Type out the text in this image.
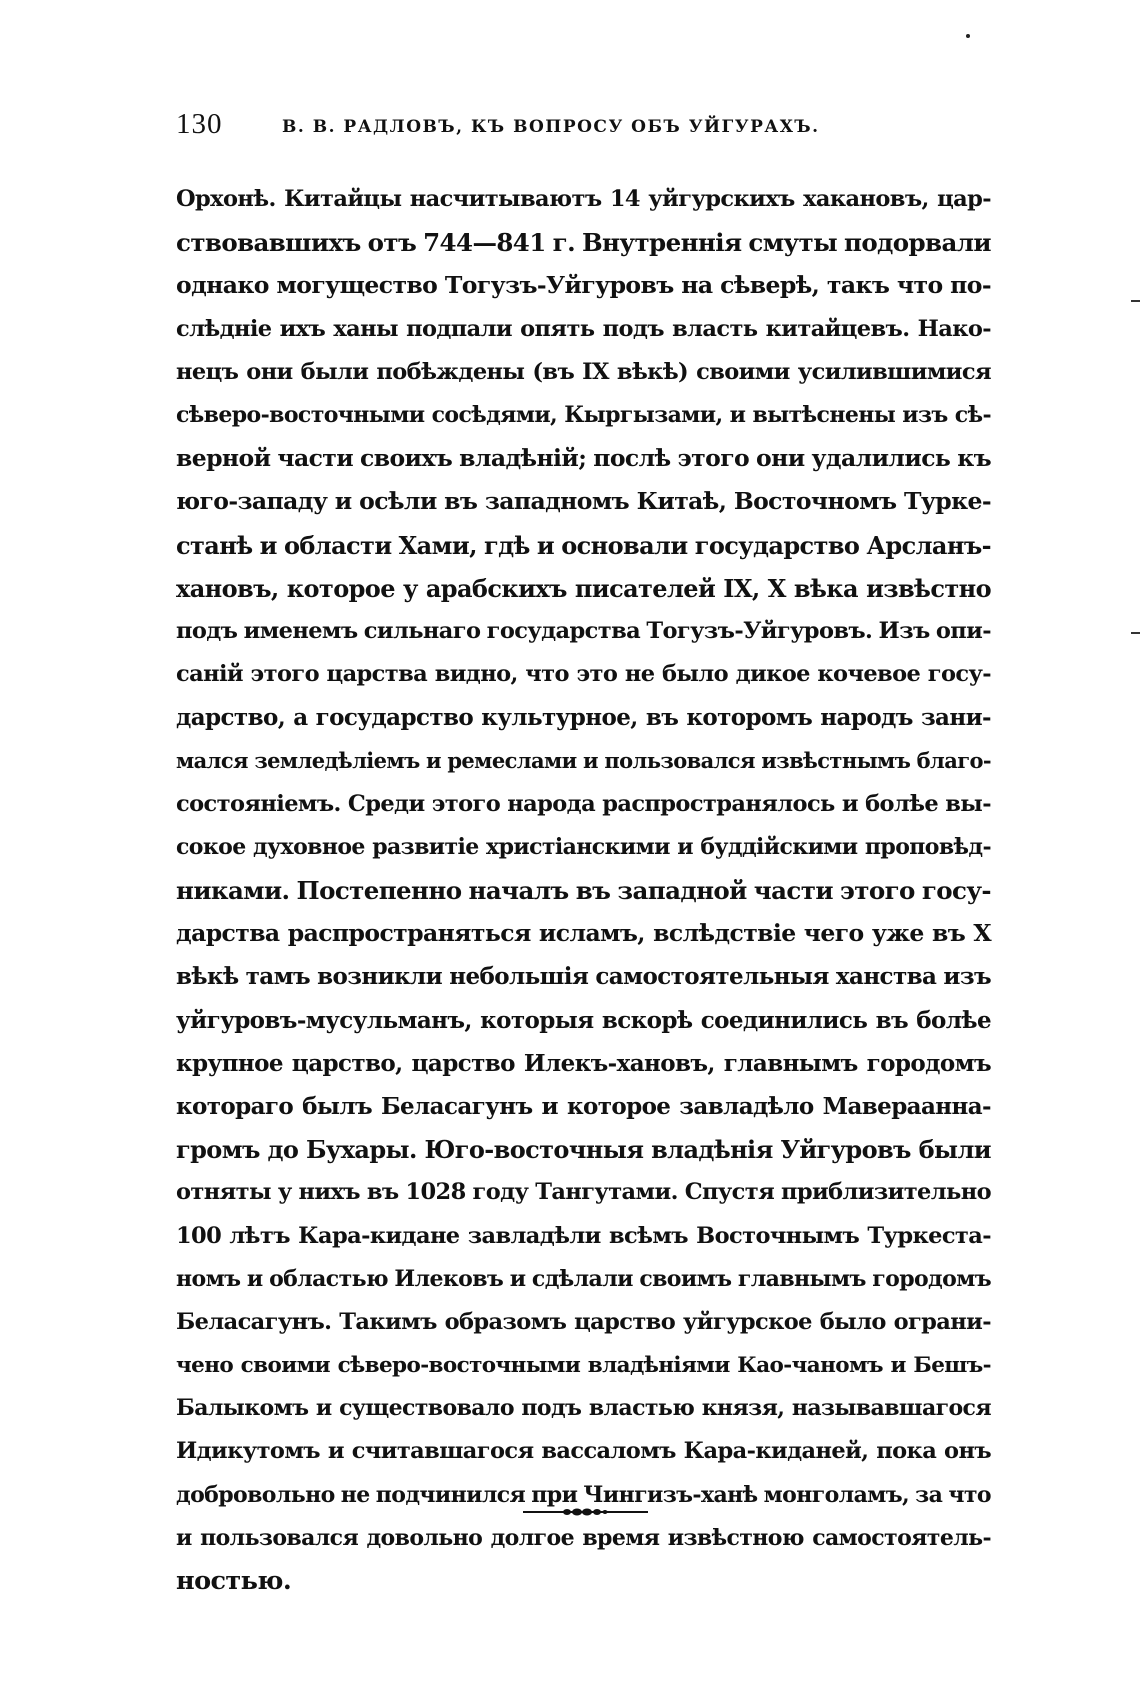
130	В. В. РАДЛОВЪ, КЪ ВОПРОСУ ОБЪ УЙГУРАХЪ.
Орхонѣ. Китайцы насчитываютъ 14 уйгурскихъ хакановъ, цар-
ствовавшихъ отъ 744—841 г. Внутреннія смуты подорвали
однако могущество Тогузъ-Уйгуровъ на сѣверѣ, такъ что по-
слѣдніе ихъ ханы подпали опять подъ власть китайцевъ. Нако-
нецъ они были побѣждены (въ IX вѣкѣ) своими усилившимися
сѣверо-восточными сосѣдями, Кыргызами, и вытѣснены изъ сѣ-
верной части своихъ владѣній; послѣ этого они удалились къ
юго-западу и осѣли въ западномъ Китаѣ, Восточномъ Турке-
станѣ и области Хами, гдѣ и основали государство Арсланъ-
хановъ, которое у арабскихъ писателей IX, X вѣка извѣстно
подъ именемъ сильнаго государства Тогузъ-Уйгуровъ. Изъ опи-
саній этого царства видно, что это не было дикое кочевое госу-
дарство, а государство культурное, въ которомъ народъ зани-
мался земледѣліемъ и ремеслами и пользовался извѣстнымъ благо-
состояніемъ. Среди этого народа распространялось и болѣе вы-
сокое духовное развитіе христіанскими и буддійскими проповѣд-
никами. Постепенно началъ въ западной части этого госу-
дарства распространяться исламъ, вслѣдствіе чего уже въ X
вѣкѣ тамъ возникли небольшія самостоятельныя ханства изъ
уйгуровъ-мусульманъ, которыя вскорѣ соединились въ болѣе
крупное царство, царство Илекъ-хановъ, главнымъ городомъ
котораго былъ Беласагунъ и которое завладѣло Мавераанна-
громъ до Бухары. Юго-восточныя владѣнія Уйгуровъ были
отняты у нихъ въ 1028 году Тангутами. Спустя приблизительно
100 лѣтъ Кара-кидане завладѣли всѣмъ Восточнымъ Туркеста-
номъ и областью Илековъ и сдѣлали своимъ главнымъ городомъ
Беласагунъ. Такимъ образомъ царство уйгурское было ограни-
чено своими сѣверо-восточными владѣніями Као-чаномъ и Бешъ-
Балыкомъ и существовало подъ властью князя, называвшагося
Идикутомъ и считавшагося вассаломъ Кара-киданей, пока онъ
добровольно не подчинился при Чингизъ-ханѣ монголамъ, за что
и пользовался довольно долгое время извѣстною самостоятель-
ностью.
